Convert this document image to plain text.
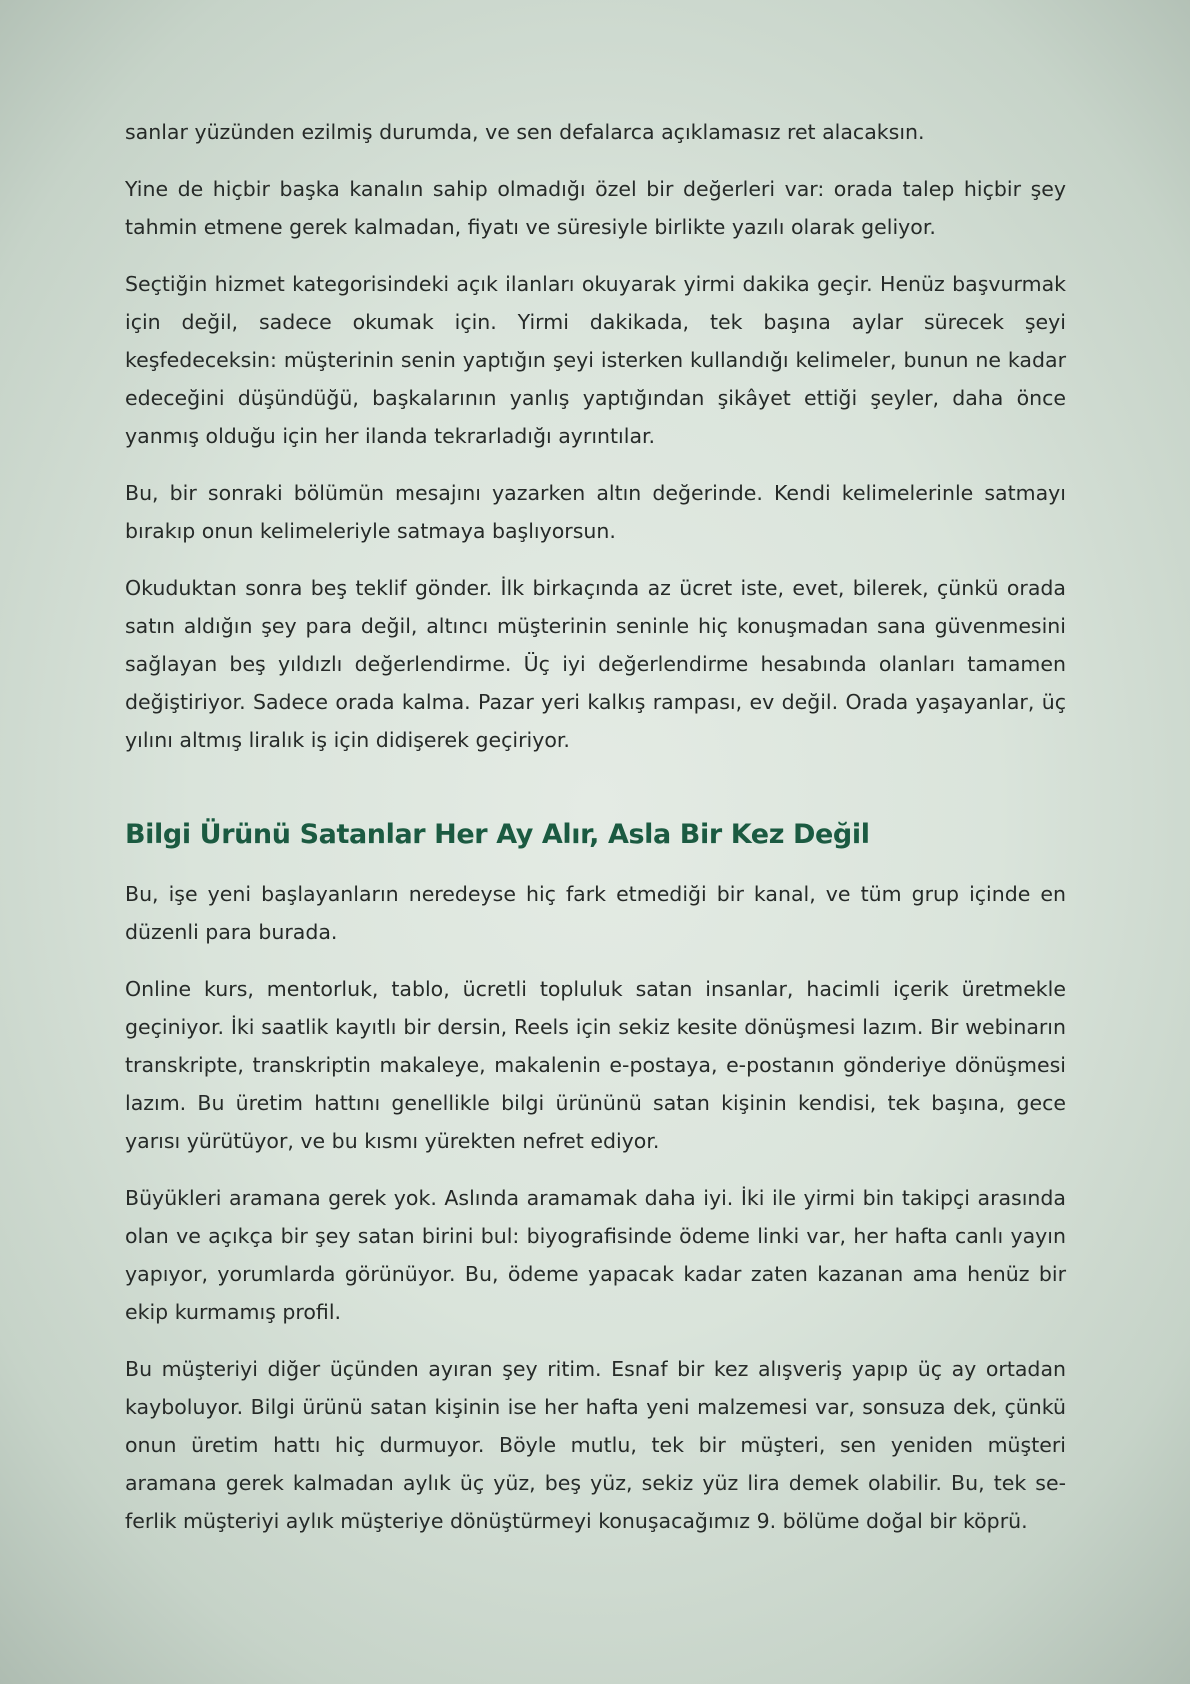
sanlar yüzünden ezilmiş durumda, ve sen defalarca açıklamasız ret alacaksın.

Yine de hiçbir başka kanalın sahip olmadığı özel bir değerleri var: orada talep hiçbir şey tahmin etmene gerek kalmadan, fiyatı ve süresiyle birlikte yazılı olarak geliyor.

Seçtiğin hizmet kategorisindeki açık ilanları okuyarak yirmi dakika geçir. Henüz başvurmak için değil, sadece okumak için. Yirmi dakikada, tek başına aylar sürecek şeyi keşfedeceksin: müşterinin senin yaptığın şeyi isterken kullandığı kelimeler, bunun ne kadar edeceğini düşündüğü, başkalarının yanlış yaptığından şikâyet ettiği şeyler, daha önce yanmış olduğu için her ilanda tekrarladığı ayrıntılar.

Bu, bir sonraki bölümün mesajını yazarken altın değerinde. Kendi kelimelerinle satmayı bırakıp onun kelimeleriyle satmaya başlıyorsun.

Okuduktan sonra beş teklif gönder. İlk birkaçında az ücret iste, evet, bilerek, çünkü orada satın aldığın şey para değil, altıncı müşterinin seninle hiç konuşmadan sana güvenmesini sağlayan beş yıldızlı değerlendirme. Üç iyi değerlendirme hesabında olanları tamamen değiştiriyor. Sadece orada kalma. Pazar yeri kalkış rampası, ev değil. Orada yaşayanlar, üç yılını altmış liralık iş için didişerek geçiriyor.

Bilgi Ürünü Satanlar Her Ay Alır, Asla Bir Kez Değil

Bu, işe yeni başlayanların neredeyse hiç fark etmediği bir kanal, ve tüm grup içinde en düzenli para burada.

Online kurs, mentorluk, tablo, ücretli topluluk satan insanlar, hacimli içerik üretmekle geçiniyor. İki saatlik kayıtlı bir dersin, Reels için sekiz kesite dönüşmesi lazım. Bir webinarın transkripte, transkriptin makaleye, makalenin e-postaya, e-postanın gönderiye dönüşmesi lazım. Bu üretim hattını genellikle bilgi ürününü satan kişinin kendisi, tek başına, gece yarısı yürütüyor, ve bu kısmı yürekten nefret ediyor.

Büyükleri aramana gerek yok. Aslında aramamak daha iyi. İki ile yirmi bin takipçi arasında olan ve açıkça bir şey satan birini bul: biyografisinde ödeme linki var, her hafta canlı yayın yapıyor, yorumlarda görünüyor. Bu, ödeme yapacak kadar zaten kazanan ama henüz bir ekip kurmamış profil.

Bu müşteriyi diğer üçünden ayıran şey ritim. Esnaf bir kez alışveriş yapıp üç ay ortadan kayboluyor. Bilgi ürünü satan kişinin ise her hafta yeni malzemesi var, sonsuza dek, çünkü onun üretim hattı hiç durmuyor. Böyle mutlu, tek bir müşteri, sen yeniden müşteri aramana gerek kalmadan aylık üç yüz, beş yüz, sekiz yüz lira demek olabilir. Bu, tek seferlik müşteriyi aylık müşteriye dönüştürmeyi konuşacağımız 9. bölüme doğal bir köprü.
